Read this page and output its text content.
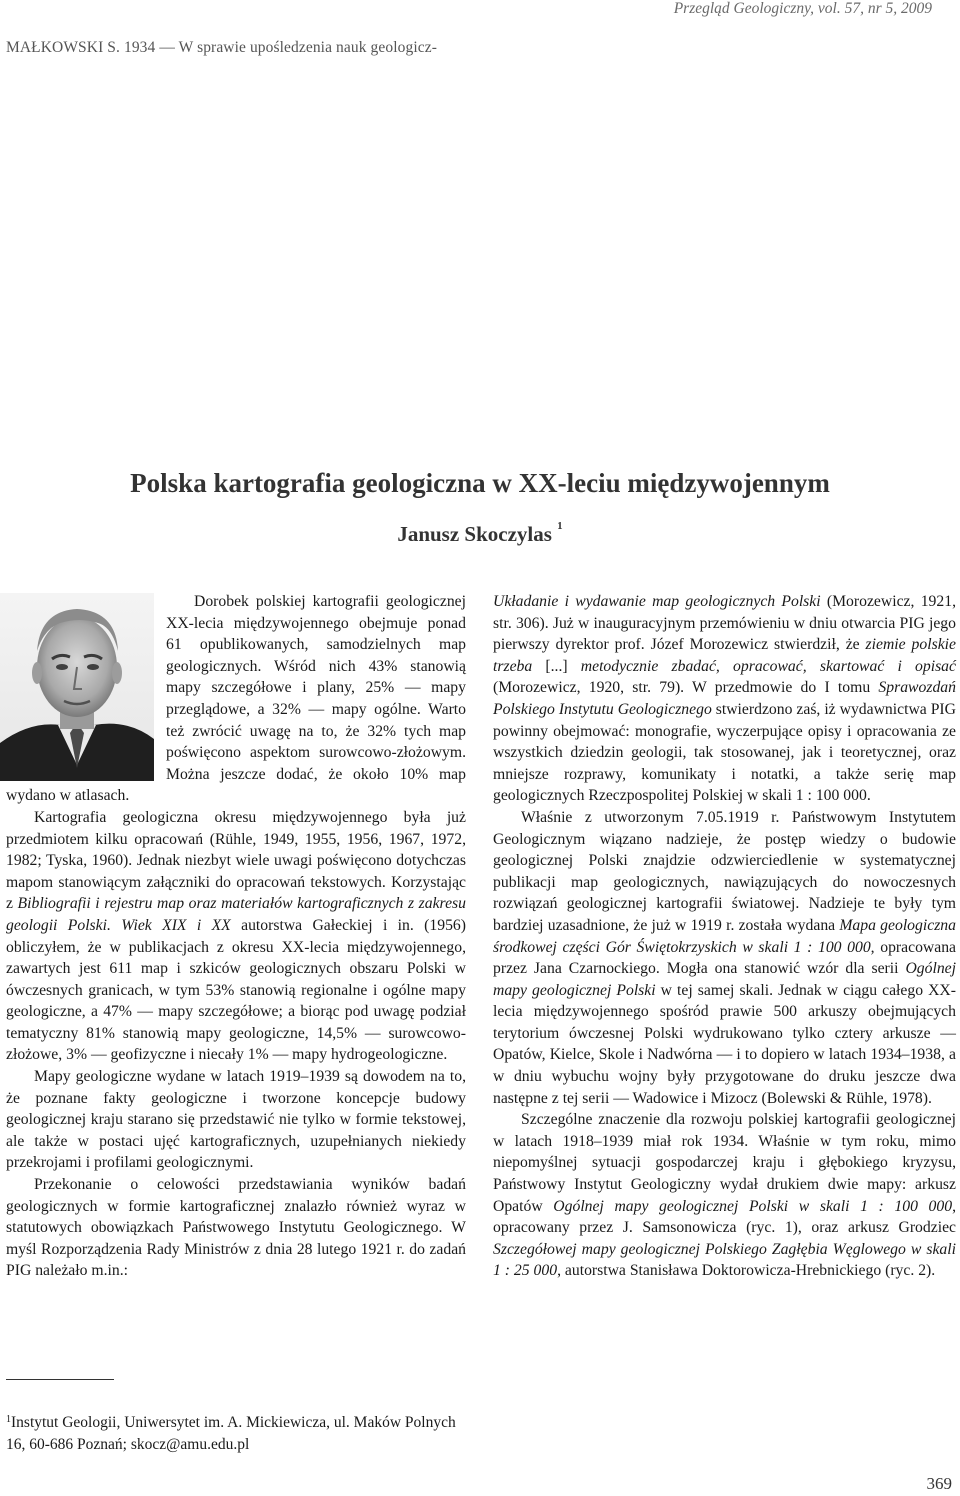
Przegląd Geologiczny, vol. 57, nr 5, 2009
MAŁKOWSKI S. 1934 — W sprawie upośledzenia nauk geologicz-
Polska kartografia geologiczna w XX-leciu międzywojennym
Janusz Skoczylas $^1$

Dorobek polskiej kartografii geologicznej XX-lecia międzywojennego obejmuje ponad 61 opublikowanych, samodzielnych map geologicznych. Wśród nich 43% stanowią mapy szczegółowe i plany, 25% — mapy przeglądowe, a 32% — mapy ogólne. Warto też zwrócić uwagę na to, że 32% tych map poświęcono aspektom surowcowo-złożowym. Można jeszcze dodać, że około 10% map wydano w atlasach.

Kartografia geologiczna okresu międzywojennego była już przedmiotem kilku opracowań (Rühle, 1949, 1955, 1956, 1967, 1972, 1982; Tyska, 1960). Jednak niezbyt wiele uwagi poświęcono dotychczas mapom stanowiącym załączniki do opracowań tekstowych. Korzystając z Bibliografii i rejestru map oraz materiałów kartograficznych z zakresu geologii Polski. Wiek XIX i XX autorstwa Gałeckiej i in. (1956) obliczyłem, że w publikacjach z okresu XX-lecia międzywojennego, zawartych jest 611 map i szkiców geologicznych obszaru Polski w ówczesnych granicach, w tym 53% stanowią regionalne i ogólne mapy geologiczne, a 47% — mapy szczegółowe; a biorąc pod uwagę podział tematyczny 81% stanowią mapy geologiczne, 14,5% — surowcowo-złożowe, 3% — geofizyczne i niecały 1% — mapy hydrogeologiczne.

Mapy geologiczne wydane w latach 1919–1939 są dowodem na to, że poznane fakty geologiczne i tworzone koncepcje budowy geologicznej kraju starano się przedstawić nie tylko w formie tekstowej, ale także w postaci ujęć kartograficznych, uzupełnianych niekiedy przekrojami i profilami geologicznymi.

Przekonanie o celowości przedstawiania wyników badań geologicznych w formie kartograficznej znalazło również wyraz w statutowych obowiązkach Państwowego Instytutu Geologicznego. W myśl Rozporządzenia Rady Ministrów z dnia 28 lutego 1921 r. do zadań PIG należało m.in.:

$^1$Instytut Geologii, Uniwersytet im. A. Mickiewicza, ul. Maków Polnych 16, 60-686 Poznań; skocz@amu.edu.pl

Układanie i wydawanie map geologicznych Polski (Morozewicz, 1921, str. 306). Już w inauguracyjnym przemówieniu w dniu otwarcia PIG jego pierwszy dyrektor prof. Józef Morozewicz stwierdził, że ziemie polskie trzeba [...] metodycznie zbadać, opracować, skartować i opisać (Morozewicz, 1920, str. 79). W przedmowie do I tomu Sprawozdań Polskiego Instytutu Geologicznego stwierdzono zaś, iż wydawnictwa PIG powinny obejmować: monografie, wyczerpujące opisy i opracowania ze wszystkich dziedzin geologii, tak stosowanej, jak i teoretycznej, oraz mniejsze rozprawy, komunikaty i notatki, a także serię map geologicznych Rzeczpospolitej Polskiej w skali 1 : 100 000.

Właśnie z utworzonym 7.05.1919 r. Państwowym Instytutem Geologicznym wiązano nadzieje, że postęp wiedzy o budowie geologicznej Polski znajdzie odzwierciedlenie w systematycznej publikacji map geologicznych, nawiązujących do nowoczesnych rozwiązań geologicznej kartografii światowej. Nadzieje te były tym bardziej uzasadnione, że już w 1919 r. została wydana Mapa geologiczna środkowej części Gór Świętokrzyskich w skali 1 : 100 000, opracowana przez Jana Czarnockiego. Mogła ona stanowić wzór dla serii Ogólnej mapy geologicznej Polski w tej samej skali. Jednak w ciągu całego XX-lecia międzywojennego spośród prawie 500 arkuszy obejmujących terytorium ówczesnej Polski wydrukowano tylko cztery arkusze — Opatów, Kielce, Skole i Nadwórna — i to dopiero w latach 1934–1938, a w dniu wybuchu wojny były przygotowane do druku jeszcze dwa następne z tej serii — Wadowice i Mizocz (Bolewski & Rühle, 1978).

Szczególne znaczenie dla rozwoju polskiej kartografii geologicznej w latach 1918–1939 miał rok 1934. Właśnie w tym roku, mimo niepomyślnej sytuacji gospodarczej kraju i głębokiego kryzysu, Państwowy Instytut Geologiczny wydał drukiem dwie mapy: arkusz Opatów Ogólnej mapy geologicznej Polski w skali 1 : 100 000, opracowany przez J. Samsonowicza (ryc. 1), oraz arkusz Grodziec Szczegółowej mapy geologicznej Polskiego Zagłębia Węglowego w skali 1 : 25 000, autorstwa Stanisława Doktorowicza-Hrebnickiego (ryc. 2).

369
